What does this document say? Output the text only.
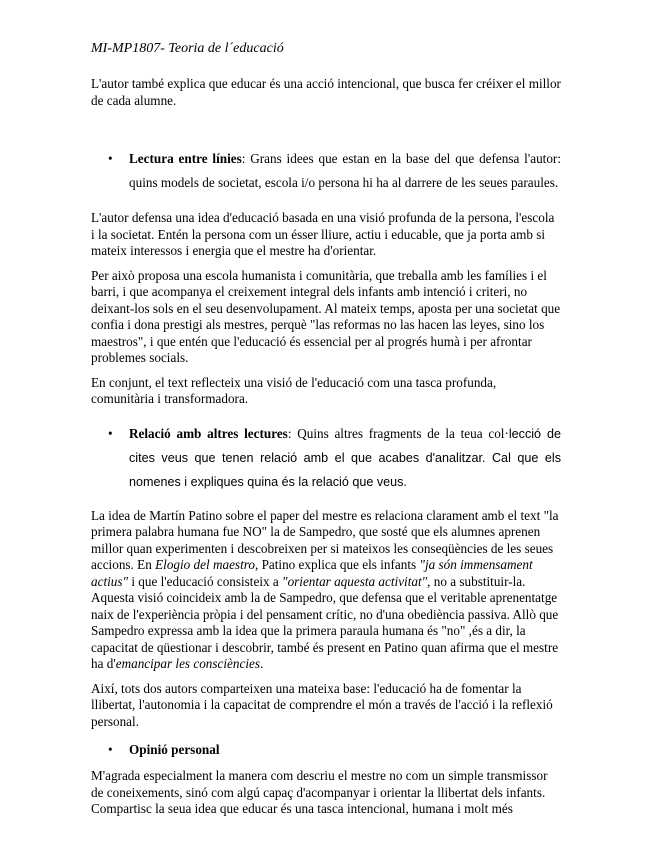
MI-MP1807- Teoria de l´educació

L'autor també explica que educar és una acció intencional, que busca fer créixer el millor de cada alumne.

• Lectura entre línies: Grans idees que estan en la base del que defensa l'autor: quins models de societat, escola i/o persona hi ha al darrere de les seues paraules.

L'autor defensa una idea d'educació basada en una visió profunda de la persona, l'escola i la societat. Entén la persona com un ésser lliure, actiu i educable, que ja porta amb si mateix interessos i energia que el mestre ha d'orientar.

Per això proposa una escola humanista i comunitària, que treballa amb les famílies i el barri, i que acompanya el creixement integral dels infants amb intenció i criteri, no deixant-los sols en el seu desenvolupament. Al mateix temps, aposta per una societat que confia i dona prestigi als mestres, perquè "las reformas no las hacen las leyes, sino los maestros", i que entén que l'educació és essencial per al progrés humà i per afrontar problemes socials.

En conjunt, el text reflecteix una visió de l'educació com una tasca profunda, comunitària i transformadora.

• Relació amb altres lectures: Quins altres fragments de la teua col·lecció de cites veus que tenen relació amb el que acabes d'analitzar. Cal que els nomenes i expliques quina és la relació que veus.

La idea de Martín Patino sobre el paper del mestre es relaciona clarament amb el text "la primera palabra humana fue NO" la de Sampedro, que sosté que els alumnes aprenen millor quan experimenten i descobreixen per si mateixos les conseqüències de les seues accions. En Elogio del maestro, Patino explica que els infants "ja són immensament actius" i que l'educació consisteix a "orientar aquesta activitat", no a substituir-la. Aquesta visió coincideix amb la de Sampedro, que defensa que el veritable aprenentatge naix de l'experiència pròpia i del pensament crític, no d'una obediència passiva. Allò que Sampedro expressa amb la idea que la primera paraula humana és "no" ,és a dir, la capacitat de qüestionar i descobrir, també és present en Patino quan afirma que el mestre ha d'emancipar les consciències.

Així, tots dos autors comparteixen una mateixa base: l'educació ha de fomentar la llibertat, l'autonomia i la capacitat de comprendre el món a través de l'acció i la reflexió personal.

• Opinió personal

M'agrada especialment la manera com descriu el mestre no com un simple transmissor de coneixements, sinó com algú capaç d'acompanyar i orientar la llibertat dels infants. Compartisc la seua idea que educar és una tasca intencional, humana i molt més
